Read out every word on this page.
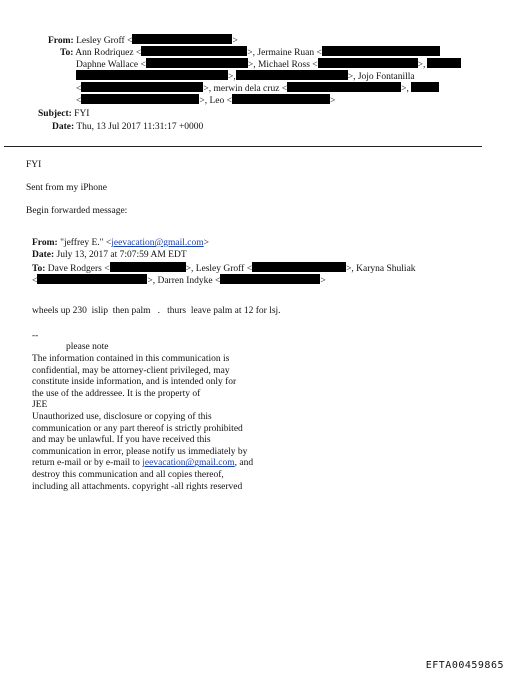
From: Lesley Groff <	>
To: Ann Rodriquez <	>, Jermaine Ruan <
Daphne Wallace <	>, Michael Ross <	>,
>,	>, Jojo Fontanilla
<	>, merwin dela cruz <	>,
<	>, Leo <	>
Subject: FYI
Date: Thu, 13 Jul 2017 11:31:17 +0000
FYI
Sent from my iPhone
Begin forwarded message:
From: "jeffrey E." <jeevacation@gmail.com>
Date: July 13, 2017 at 7:07:59 AM EDT
To: Dave Rodgers <	>, Lesley Groff <	>, Karyna Shuliak
<	>, Darren Indyke <	>
wheels up 230  islip  then palm   .   thurs  leave palm at 12 for lsj.
--
please note
The information contained in this communication is
confidential, may be attorney-client privileged, may
constitute inside information, and is intended only for
the use of the addressee. It is the property of
JEE
Unauthorized use, disclosure or copying of this
communication or any part thereof is strictly prohibited
and may be unlawful. If you have received this
communication in error, please notify us immediately by
return e-mail or by e-mail to jeevacation@gmail.com, and
destroy this communication and all copies thereof,
including all attachments. copyright -all rights reserved
EFTA00459865
